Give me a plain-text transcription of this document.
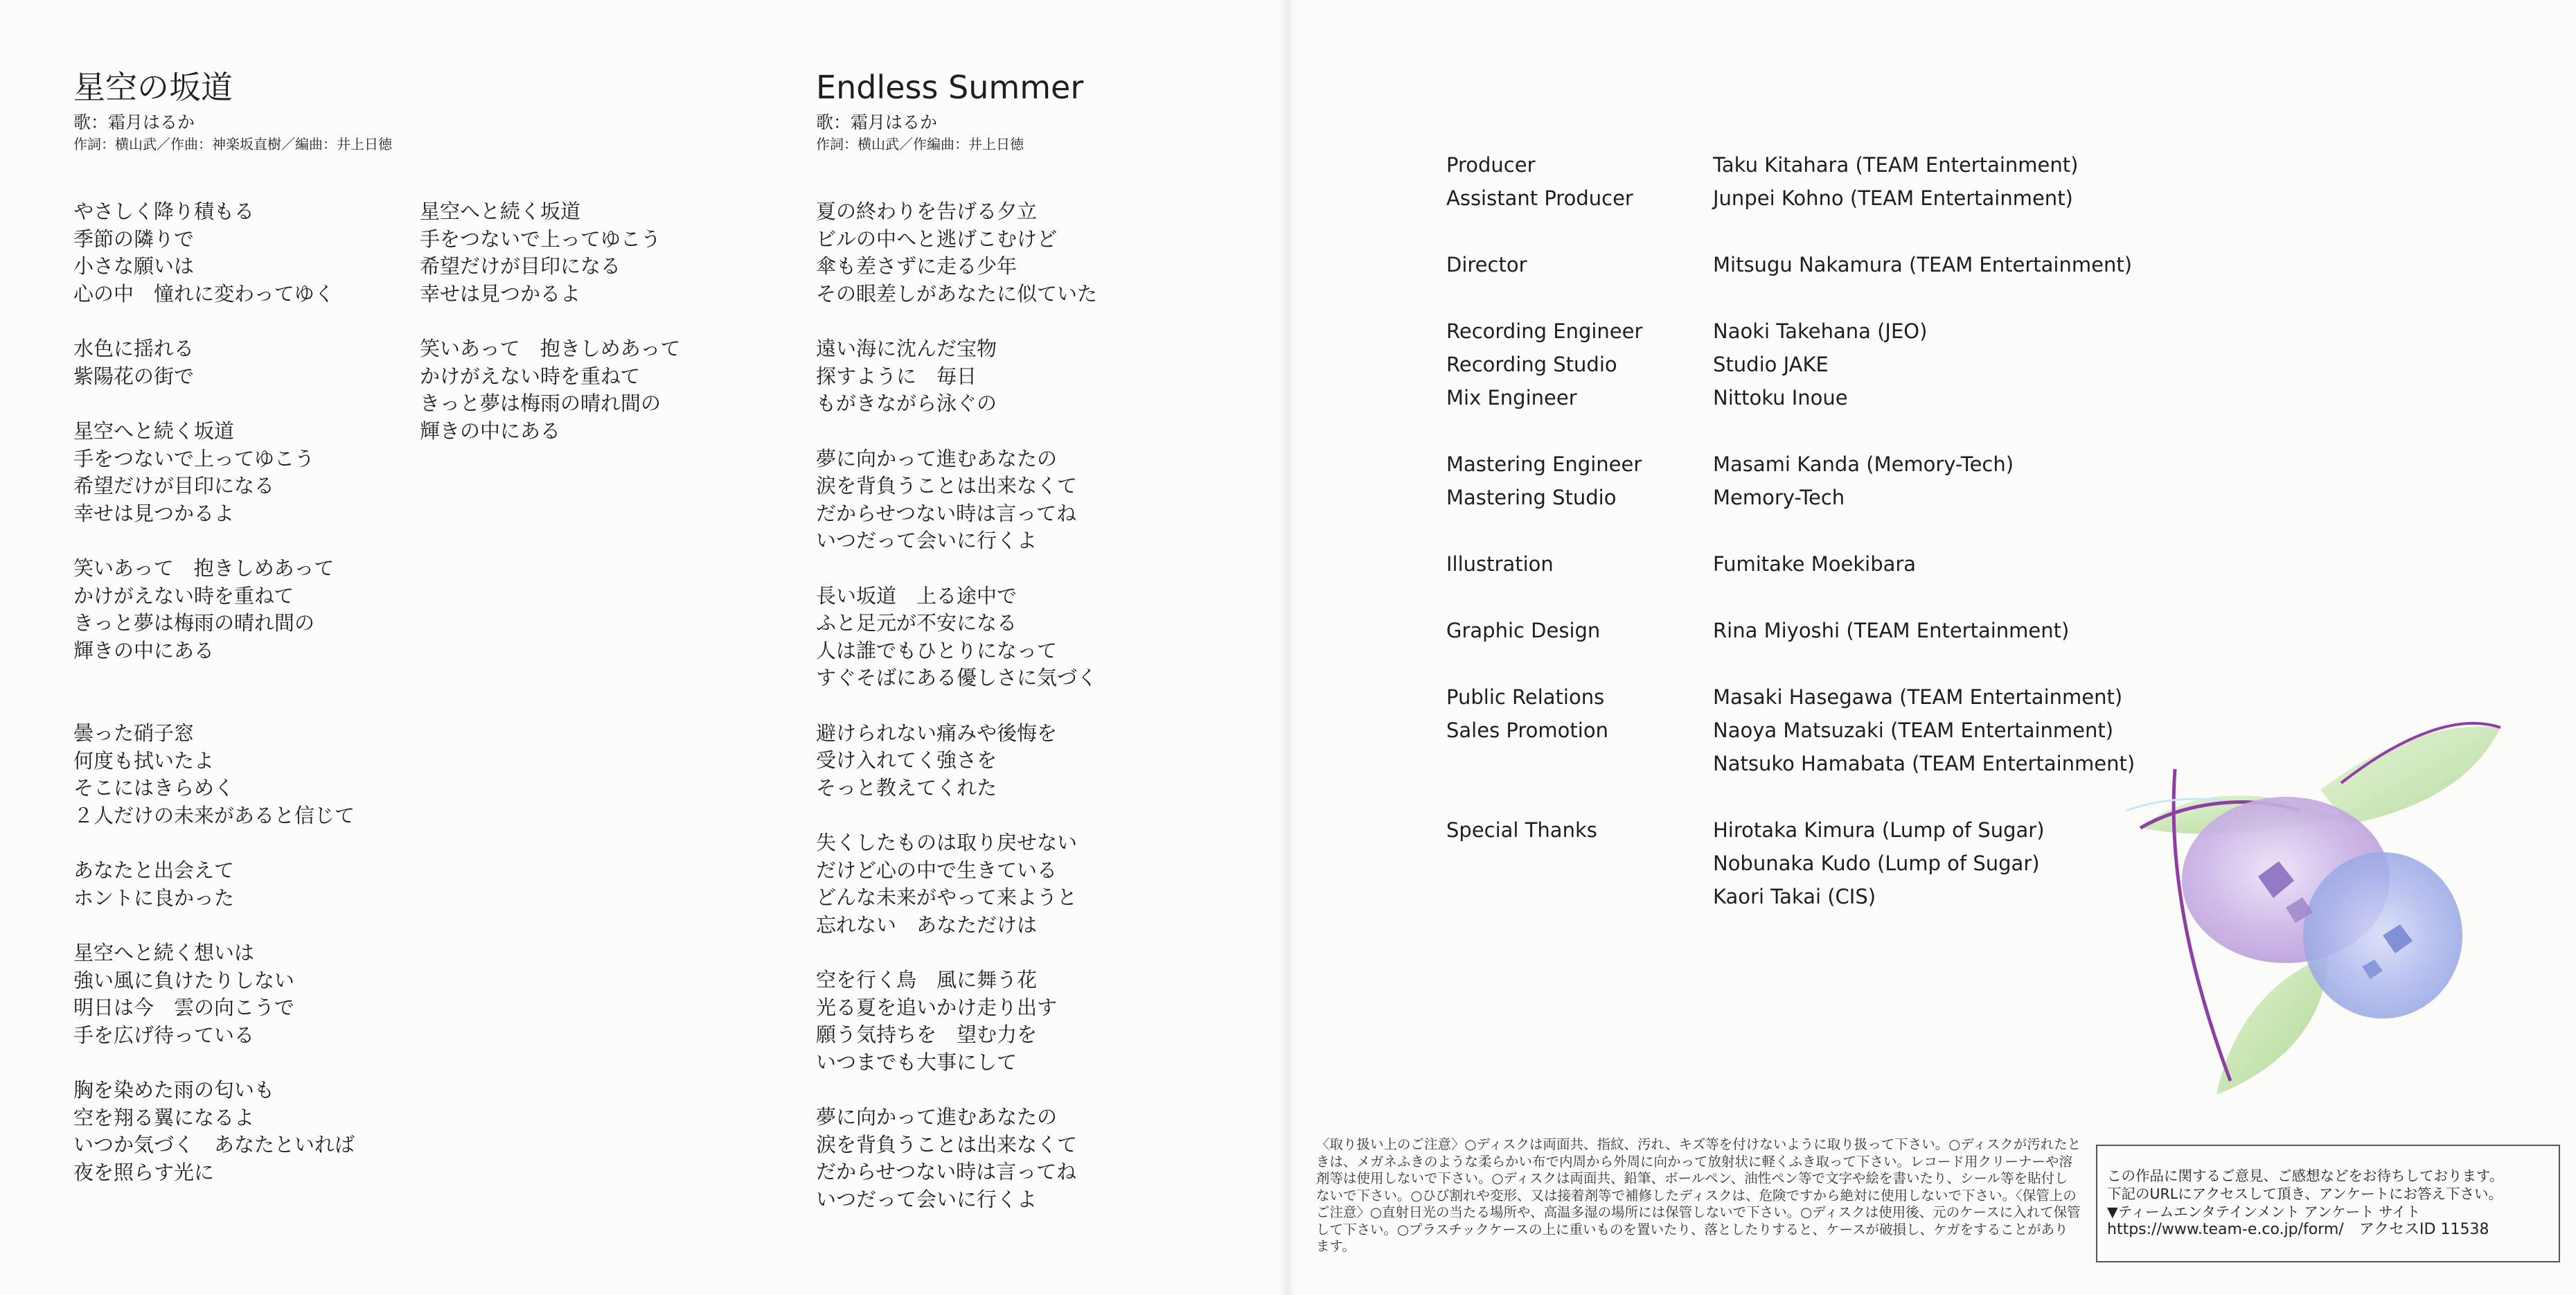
星空の坂道
歌：霜月はるか
作詞：横山武／作曲：神楽坂直樹／編曲：井上日徳
やさしく降り積もる
季節の隣りで
小さな願いは
心の中　憧れに変わってゆく
水色に揺れる
紫陽花の街で
星空へと続く坂道
手をつないで上ってゆこう
希望だけが目印になる
幸せは見つかるよ
笑いあって　抱きしめあって
かけがえない時を重ねて
きっと夢は梅雨の晴れ間の
輝きの中にある
曇った硝子窓
何度も拭いたよ
そこにはきらめく
２人だけの未来があると信じて
あなたと出会えて
ホントに良かった
星空へと続く想いは
強い風に負けたりしない
明日は今　雲の向こうで
手を広げ待っている
胸を染めた雨の匂いも
空を翔る翼になるよ
いつか気づく　あなたといれば
夜を照らす光に
星空へと続く坂道
手をつないで上ってゆこう
希望だけが目印になる
幸せは見つかるよ
笑いあって　抱きしめあって
かけがえない時を重ねて
きっと夢は梅雨の晴れ間の
輝きの中にある
Endless Summer
歌：霜月はるか
作詞：横山武／作編曲：井上日徳
夏の終わりを告げる夕立
ビルの中へと逃げこむけど
傘も差さずに走る少年
その眼差しがあなたに似ていた
遠い海に沈んだ宝物
探すように　毎日
もがきながら泳ぐの
夢に向かって進むあなたの
涙を背負うことは出来なくて
だからせつない時は言ってね
いつだって会いに行くよ
長い坂道　上る途中で
ふと足元が不安になる
人は誰でもひとりになって
すぐそばにある優しさに気づく
避けられない痛みや後悔を
受け入れてく強さを
そっと教えてくれた
失くしたものは取り戻せない
だけど心の中で生きている
どんな未来がやって来ようと
忘れない　あなただけは
空を行く鳥　風に舞う花
光る夏を追いかけ走り出す
願う気持ちを　望む力を
いつまでも大事にして
夢に向かって進むあなたの
涙を背負うことは出来なくて
だからせつない時は言ってね
いつだって会いに行くよ
Producer	Taku Kitahara (TEAM Entertainment)
Assistant Producer	Junpei Kohno (TEAM Entertainment)
Director	Mitsugu Nakamura (TEAM Entertainment)
Recording Engineer	Naoki Takehana (JEO)
Recording Studio	Studio JAKE
Mix Engineer	Nittoku Inoue
Mastering Engineer	Masami Kanda (Memory-Tech)
Mastering Studio	Memory-Tech
Illustration	Fumitake Moekibara
Graphic Design	Rina Miyoshi (TEAM Entertainment)
Public Relations	Masaki Hasegawa (TEAM Entertainment)
Sales Promotion	Naoya Matsuzaki (TEAM Entertainment)
Natsuko Hamabata (TEAM Entertainment)
Special Thanks	Hirotaka Kimura (Lump of Sugar)
Nobunaka Kudo (Lump of Sugar)
Kaori Takai (CIS)
〈取り扱い上のご注意〉○ディスクは両面共、指紋、汚れ、キズ等を付けないように取り扱って下さい。○ディスクが汚れたときは、メガネふきのような柔らかい布で内周から外周に向かって放射状に軽くふき取って下さい。レコード用クリーナーや溶剤等は使用しないで下さい。○ディスクは両面共、鉛筆、ボールペン、油性ペン等で文字や絵を書いたり、シール等を貼付しないで下さい。○ひび割れや変形、又は接着剤等で補修したディスクは、危険ですから絶対に使用しないで下さい。〈保管上のご注意〉○直射日光の当たる場所や、高温多湿の場所には保管しないで下さい。○ディスクは使用後、元のケースに入れて保管して下さい。○プラスチックケースの上に重いものを置いたり、落としたりすると、ケースが破損し、ケガをすることがあります。
この作品に関するご意見、ご感想などをお待ちしております。
下記のURLにアクセスして頂き、アンケートにお答え下さい。
▼ティームエンタテインメント アンケート サイト
https://www.team-e.co.jp/form/　アクセスID 11538
